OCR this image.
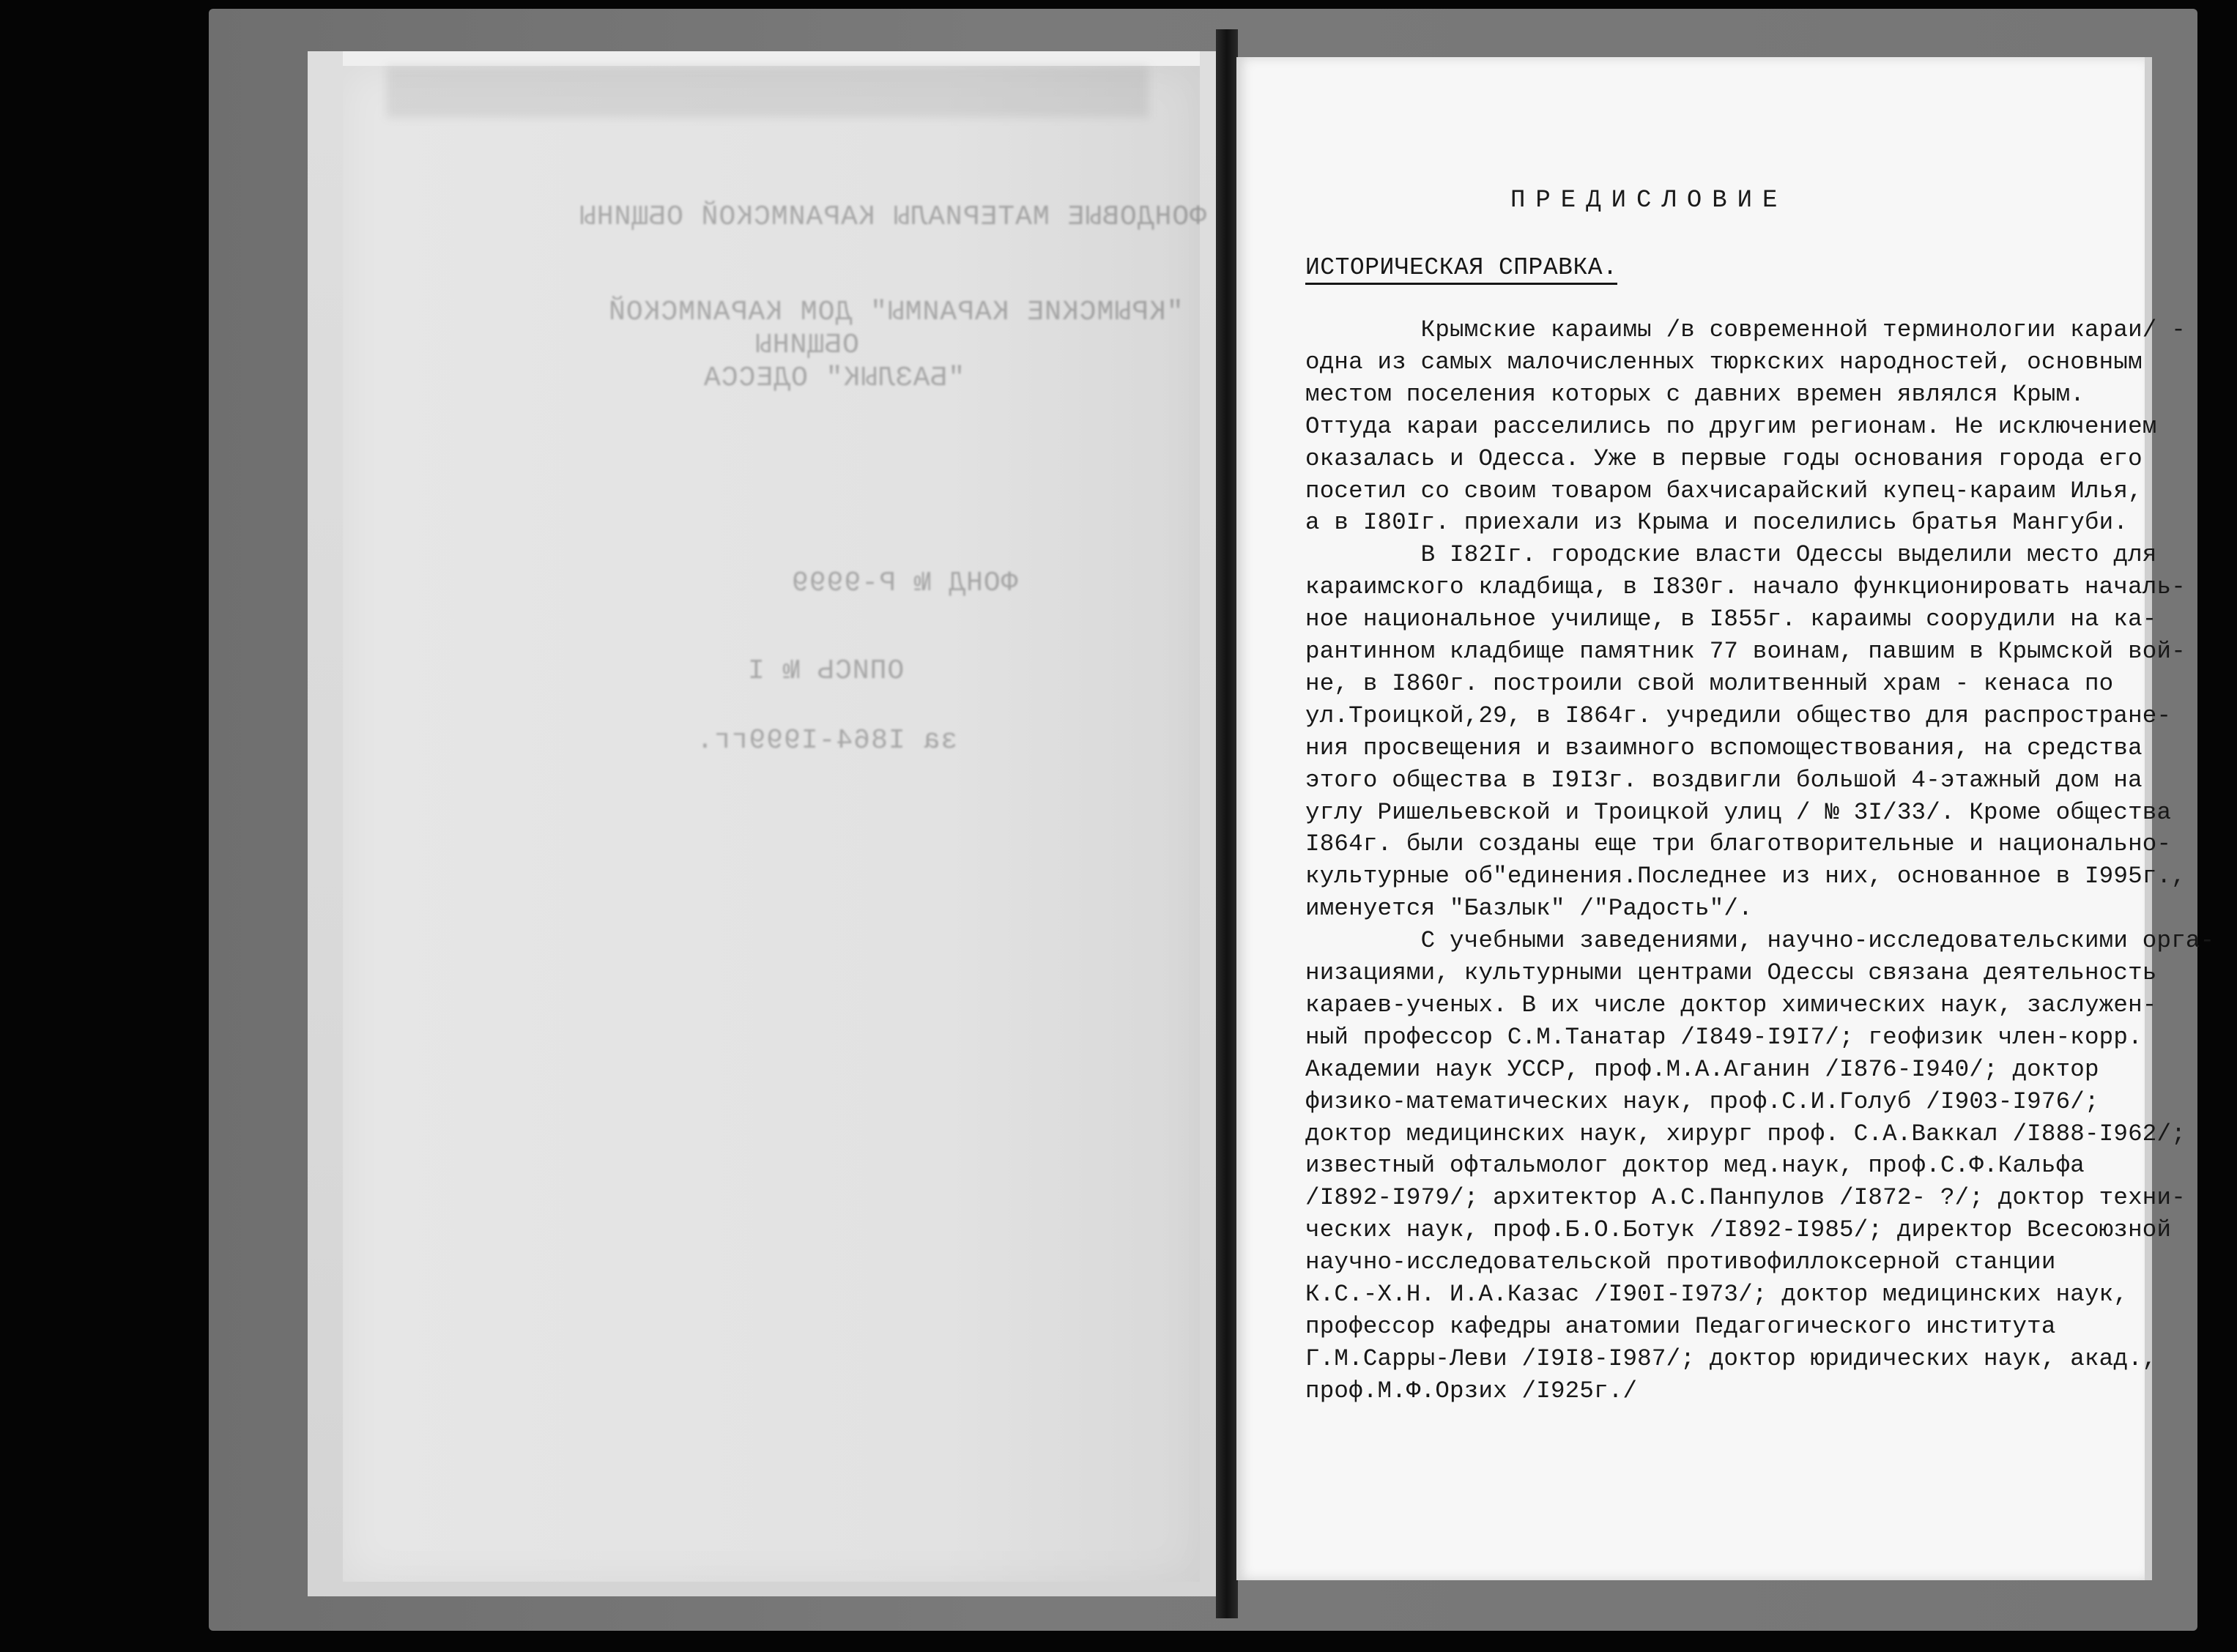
ФОНДОВЫЕ МАТЕРИАЛЫ КАРАИМСКОЙ ОБЩИНЫ
"КРЫМСКИЕ КАРАИМЫ" ДОМ КАРАИМСКОЙ
ОБЩИНЫ
"БАЗЛЫК" ОДЕССА
ФОНД № Р-9999
ОПИСЬ № I
за I864-I999гг.
ПРЕДИСЛОВИЕ
ИСТОРИЧЕСКАЯ СПРАВКА.
Крымские караимы /в современной терминологии караи/ -
одна из самых малочисленных тюркских народностей, основным
местом поселения которых с давних времен являлся Крым.
Оттуда караи расселились по другим регионам. Не исключением
оказалась и Одесса. Уже в первые годы основания города его
посетил со своим товаром бахчисарайский купец-караим Илья,
а в I80Iг. приехали из Крыма и поселились братья Мангуби.
В I82Iг. городские власти Одессы выделили место для
караимского кладбища, в I830г. начало функционировать началь-
ное национальное училище, в I855г. караимы соорудили на ка-
рантинном кладбище памятник 77 воинам, павшим в Крымской вой-
не, в I860г. построили свой молитвенный храм - кенаса по
ул.Троицкой,29, в I864г. учредили общество для распростране-
ния просвещения и взаимного вспомоществования, на средства
этого общества в I9I3г. воздвигли большой 4-этажный дом на
углу Ришельевской и Троицкой улиц / № 3I/33/. Кроме общества
I864г. были созданы еще три благотворительные и национально-
культурные об"единения.Последнее из них, основанное в I995г.,
именуется "Базлык" /"Радость"/.
С учебными заведениями, научно-исследовательскими орга-
низациями, культурными центрами Одессы связана деятельность
караев-ученых. В их числе доктор химических наук, заслужен-
ный профессор С.М.Танатар /I849-I9I7/; геофизик член-корр.
Академии наук УССР, проф.М.А.Аганин /I876-I940/; доктор
физико-математических наук, проф.С.И.Голуб /I903-I976/;
доктор медицинских наук, хирург проф. С.А.Ваккал /I888-I962/;
известный офтальмолог доктор мед.наук, проф.С.Ф.Кальфа
/I892-I979/; архитектор А.С.Панпулов /I872- ?/; доктор техни-
ческих наук, проф.Б.О.Ботук /I892-I985/; директор Всесоюзной
научно-исследовательской противофиллоксерной станции
К.С.-Х.Н. И.А.Казас /I90I-I973/; доктор медицинских наук,
профессор кафедры анатомии Педагогического института
Г.М.Сарры-Леви /I9I8-I987/; доктор юридических наук, акад.,
проф.М.Ф.Орзих /I925г./
